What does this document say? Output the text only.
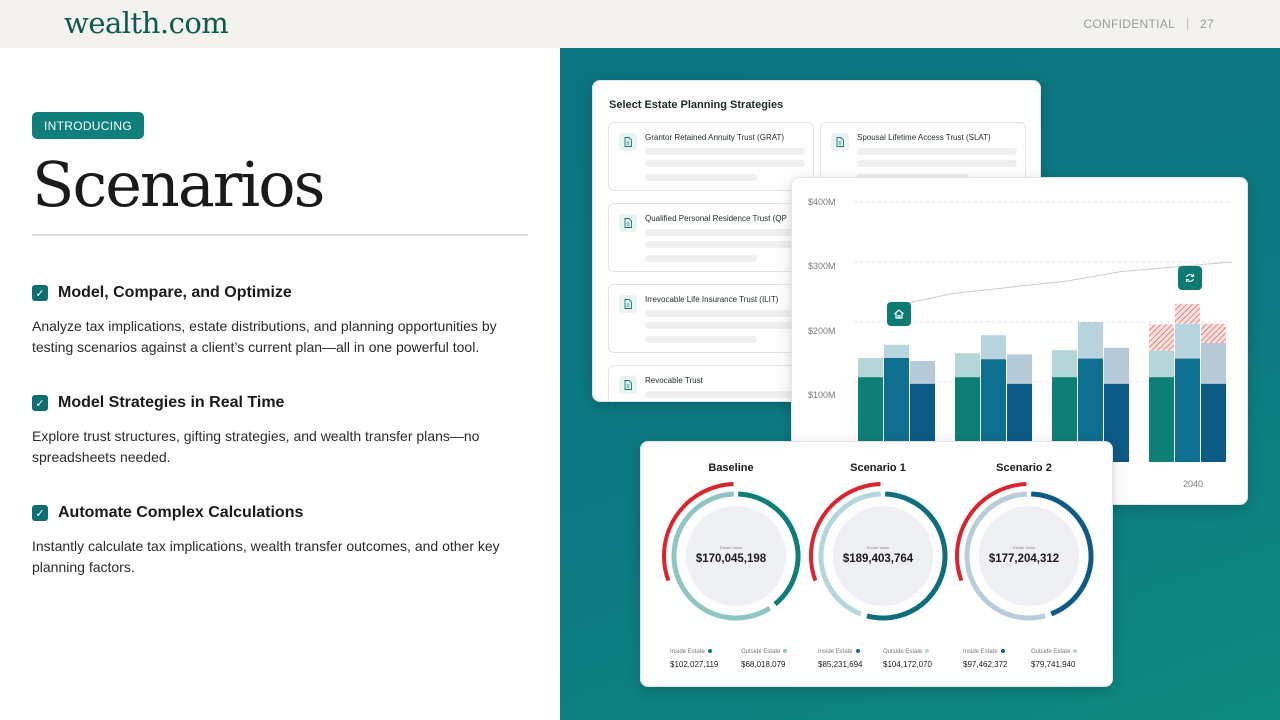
wealth.com	CONFIDENTIAL 27
INTRODUCING
Scenarios
✓ Model, Compare, and Optimize
Analyze tax implications, estate distributions, and planning opportunities by testing scenarios against a client’s current plan—all in one powerful tool.
✓ Model Strategies in Real Time
Explore trust structures, gifting strategies, and wealth transfer plans—no spreadsheets needed.
✓ Automate Complex Calculations
Instantly calculate tax implications, wealth transfer outcomes, and other key planning factors.
Select Estate Planning Strategies
Grantor Retained Annuity Trust (GRAT)	Spousal Lifetime Access Trust (SLAT)
Qualified Personal Residence Trust (QP
Irrevocable Life Insurance Trust (ILIT)
Revocable Trust
$400M
$300M
$200M
$100M
2040
Baseline
Estate Value
$170,045,198
Scenario 1
Estate Value
$189,403,764
Scenario 2
Estate Value
$177,204,312
Inside Estate
$102,027,119
Outside Estate
$68,018,079
Inside Estate
$85,231,694
Outside Estate
$104,172,070
Inside Estate
$97,462,372
Outside Estate
$79,741,940
